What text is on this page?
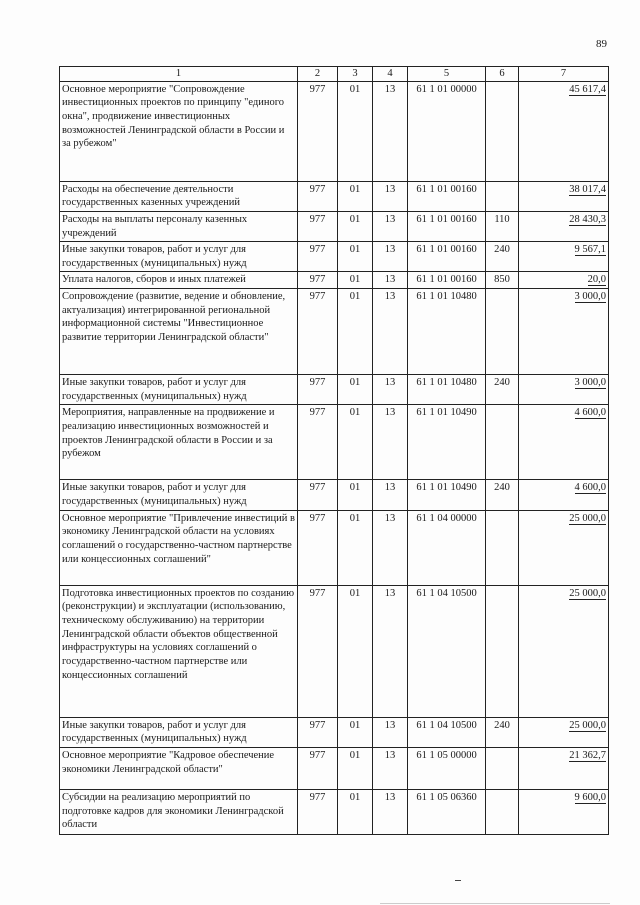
89
1	2	3	4	5	6	7
Основное мероприятие "Сопровождение инвестиционных проектов по принципу "единого окна", продвижение инвестиционных возможностей Ленинградской области в России и за рубежом"	977	01	13	61 1 01 00000		45 617,4
Расходы на обеспечение деятельности государственных казенных учреждений	977	01	13	61 1 01 00160		38 017,4
Расходы на выплаты персоналу казенных учреждений	977	01	13	61 1 01 00160	110	28 430,3
Иные закупки товаров, работ и услуг для государственных (муниципальных) нужд	977	01	13	61 1 01 00160	240	9 567,1
Уплата налогов, сборов и иных платежей	977	01	13	61 1 01 00160	850	20,0
Сопровождение (развитие, ведение и обновление, актуализация) интегрированной региональной информационной системы "Инвестиционное развитие территории Ленинградской области"	977	01	13	61 1 01 10480		3 000,0
Иные закупки товаров, работ и услуг для государственных (муниципальных) нужд	977	01	13	61 1 01 10480	240	3 000,0
Мероприятия, направленные на продвижение и реализацию инвестиционных возможностей и проектов Ленинградской области в России и за рубежом	977	01	13	61 1 01 10490		4 600,0
Иные закупки товаров, работ и услуг для государственных (муниципальных) нужд	977	01	13	61 1 01 10490	240	4 600,0
Основное мероприятие "Привлечение инвестиций в экономику Ленинградской области на условиях соглашений о государственно-частном партнерстве или концессионных соглашений"	977	01	13	61 1 04 00000		25 000,0
Подготовка инвестиционных проектов по созданию (реконструкции) и эксплуатации (использованию, техническому обслуживанию) на территории Ленинградской области объектов общественной инфраструктуры на условиях соглашений о государственно-частном партнерстве или концессионных соглашений	977	01	13	61 1 04 10500		25 000,0
Иные закупки товаров, работ и услуг для государственных (муниципальных) нужд	977	01	13	61 1 04 10500	240	25 000,0
Основное мероприятие "Кадровое обеспечение экономики Ленинградской области"	977	01	13	61 1 05 00000		21 362,7
Субсидии на реализацию мероприятий по подготовке кадров для экономики Ленинградской области	977	01	13	61 1 05 06360		9 600,0
